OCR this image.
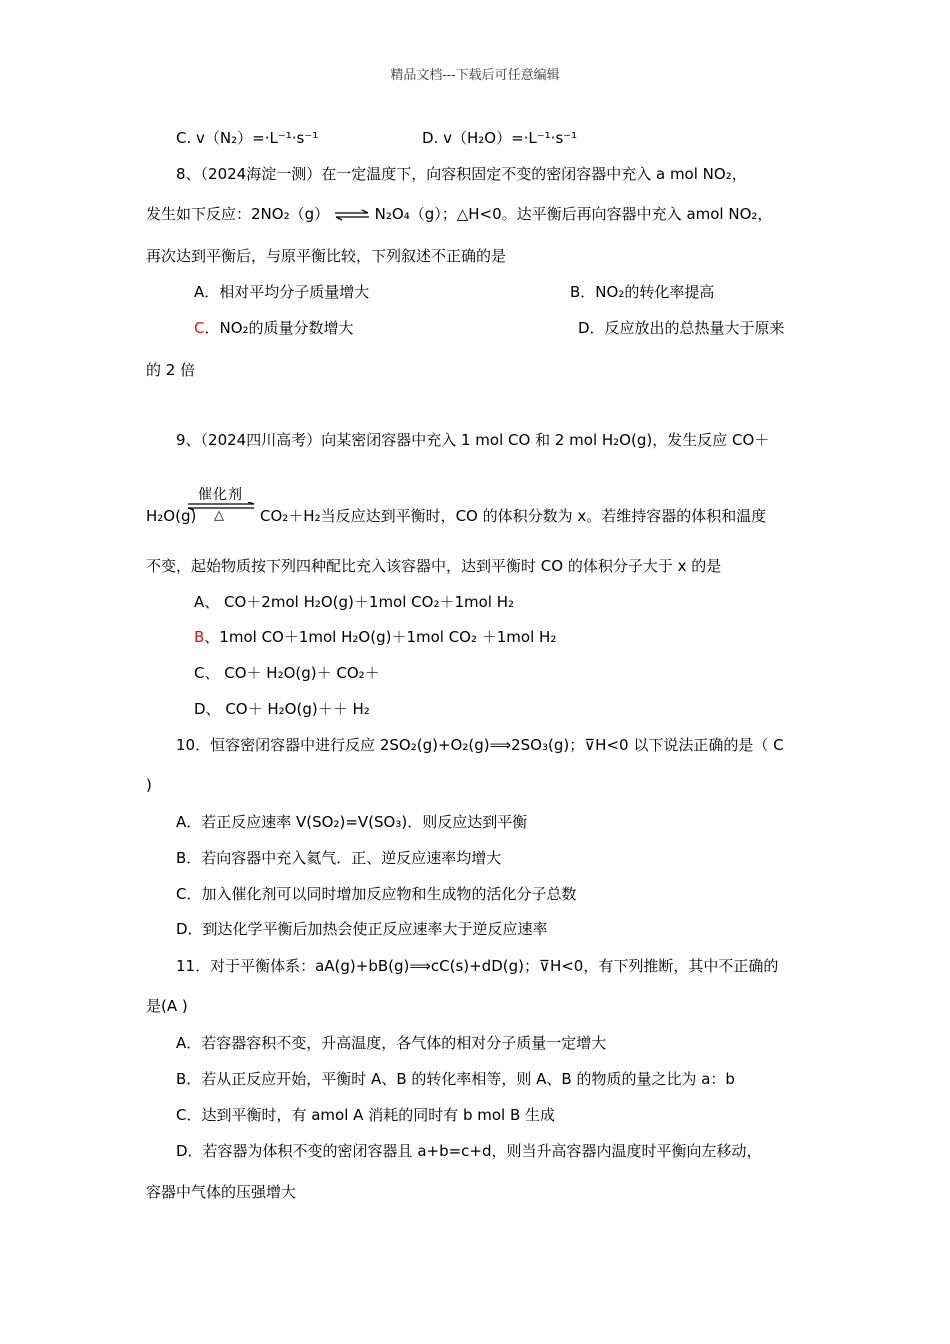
精品文档---下载后可任意编辑
C. v（N₂）=·L⁻¹·s⁻¹	D. v（H₂O）=·L⁻¹·s⁻¹
8、（2024海淀一测）在一定温度下，向容积固定不变的密闭容器中充入 a mol NO₂，
发生如下反应：2NO₂（g） ⇌ N₂O₄（g）；△H<0。达平衡后再向容器中充入 amol NO₂，
再次达到平衡后，与原平衡比较，下列叙述不正确的是
A．相对平均分子质量增大	B．NO₂的转化率提高
C．NO₂的质量分数增大	D．反应放出的总热量大于原来
的 2 倍
9、（2024四川高考）向某密闭容器中充入 1 mol CO 和 2 mol H₂O(g)，发生反应 CO＋
催化剂
△
H₂O(g)	CO₂＋H₂当反应达到平衡时，CO 的体积分数为 x。若维持容器的体积和温度
不变，起始物质按下列四种配比充入该容器中，达到平衡时 CO 的体积分子大于 x 的是
A、 CO＋2mol H₂O(g)＋1mol CO₂＋1mol H₂
B、1mol CO＋1mol H₂O(g)＋1mol CO₂ ＋1mol H₂
C、 CO＋ H₂O(g)＋ CO₂＋
D、 CO＋ H₂O(g)＋＋ H₂
10．恒容密闭容器中进行反应 2SO₂(g)+O₂(g)⟹2SO₃(g)；⊽H<0 以下说法正确的是（ C
)
A．若正反应速率 V(SO₂)=V(SO₃)．则反应达到平衡
B．若向容器中充入氦气．正、逆反应速率均增大
C．加入催化剂可以同时增加反应物和生成物的活化分子总数
D．到达化学平衡后加热会使正反应速率大于逆反应速率
11．对于平衡体系：aA(g)+bB(g)⟹cC(s)+dD(g)；⊽H<0，有下列推断，其中不正确的
是(A )
A．若容器容积不变，升高温度，各气体的相对分子质量一定增大
B．若从正反应开始，平衡时 A、B 的转化率相等，则 A、B 的物质的量之比为 a：b
C．达到平衡时，有 amol A 消耗的同时有 b mol B 生成
D．若容器为体积不变的密闭容器且 a+b=c+d，则当升高容器内温度时平衡向左移动，
容器中气体的压强增大
